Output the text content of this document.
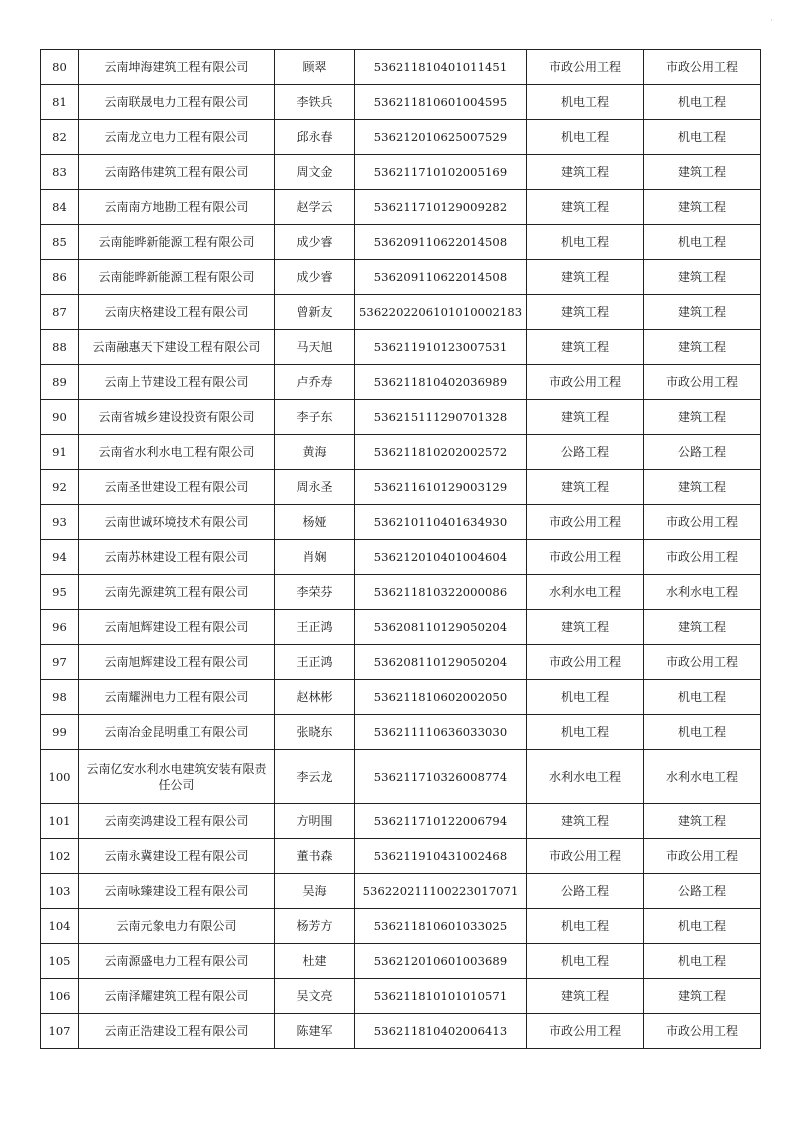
·
80	云南坤海建筑工程有限公司	顾翠	536211810401011451	市政公用工程	市政公用工程
81	云南联晟电力工程有限公司	李铁兵	536211810601004595	机电工程	机电工程
82	云南龙立电力工程有限公司	邱永春	536212010625007529	机电工程	机电工程
83	云南路伟建筑工程有限公司	周文金	536211710102005169	建筑工程	建筑工程
84	云南南方地勘工程有限公司	赵学云	536211710129009282	建筑工程	建筑工程
85	云南能晔新能源工程有限公司	成少睿	536209110622014508	机电工程	机电工程
86	云南能晔新能源工程有限公司	成少睿	536209110622014508	建筑工程	建筑工程
87	云南庆格建设工程有限公司	曾新友	5362202206101010002183	建筑工程	建筑工程
88	云南融惠天下建设工程有限公司	马天旭	536211910123007531	建筑工程	建筑工程
89	云南上节建设工程有限公司	卢乔寿	536211810402036989	市政公用工程	市政公用工程
90	云南省城乡建设投资有限公司	李子东	536215111290701328	建筑工程	建筑工程
91	云南省水利水电工程有限公司	黄海	536211810202002572	公路工程	公路工程
92	云南圣世建设工程有限公司	周永圣	536211610129003129	建筑工程	建筑工程
93	云南世诚环境技术有限公司	杨娅	536210110401634930	市政公用工程	市政公用工程
94	云南苏林建设工程有限公司	肖娴	536212010401004604	市政公用工程	市政公用工程
95	云南先源建筑工程有限公司	李荣芬	536211810322000086	水利水电工程	水利水电工程
96	云南旭辉建设工程有限公司	王正鸿	536208110129050204	建筑工程	建筑工程
97	云南旭辉建设工程有限公司	王正鸿	536208110129050204	市政公用工程	市政公用工程
98	云南耀洲电力工程有限公司	赵林彬	536211810602002050	机电工程	机电工程
99	云南冶金昆明重工有限公司	张晓东	536211110636033030	机电工程	机电工程
100	云南亿安水利水电建筑安装有限责任公司	李云龙	536211710326008774	水利水电工程	水利水电工程
101	云南奕鸿建设工程有限公司	方明围	536211710122006794	建筑工程	建筑工程
102	云南永冀建设工程有限公司	董书森	536211910431002468	市政公用工程	市政公用工程
103	云南咏臻建设工程有限公司	吴海	536220211100223017071	公路工程	公路工程
104	云南元象电力有限公司	杨芳方	536211810601033025	机电工程	机电工程
105	云南源盛电力工程有限公司	杜建	536212010601003689	机电工程	机电工程
106	云南泽耀建筑工程有限公司	吴文亮	536211810101010571	建筑工程	建筑工程
107	云南正浩建设工程有限公司	陈建军	536211810402006413	市政公用工程	市政公用工程
